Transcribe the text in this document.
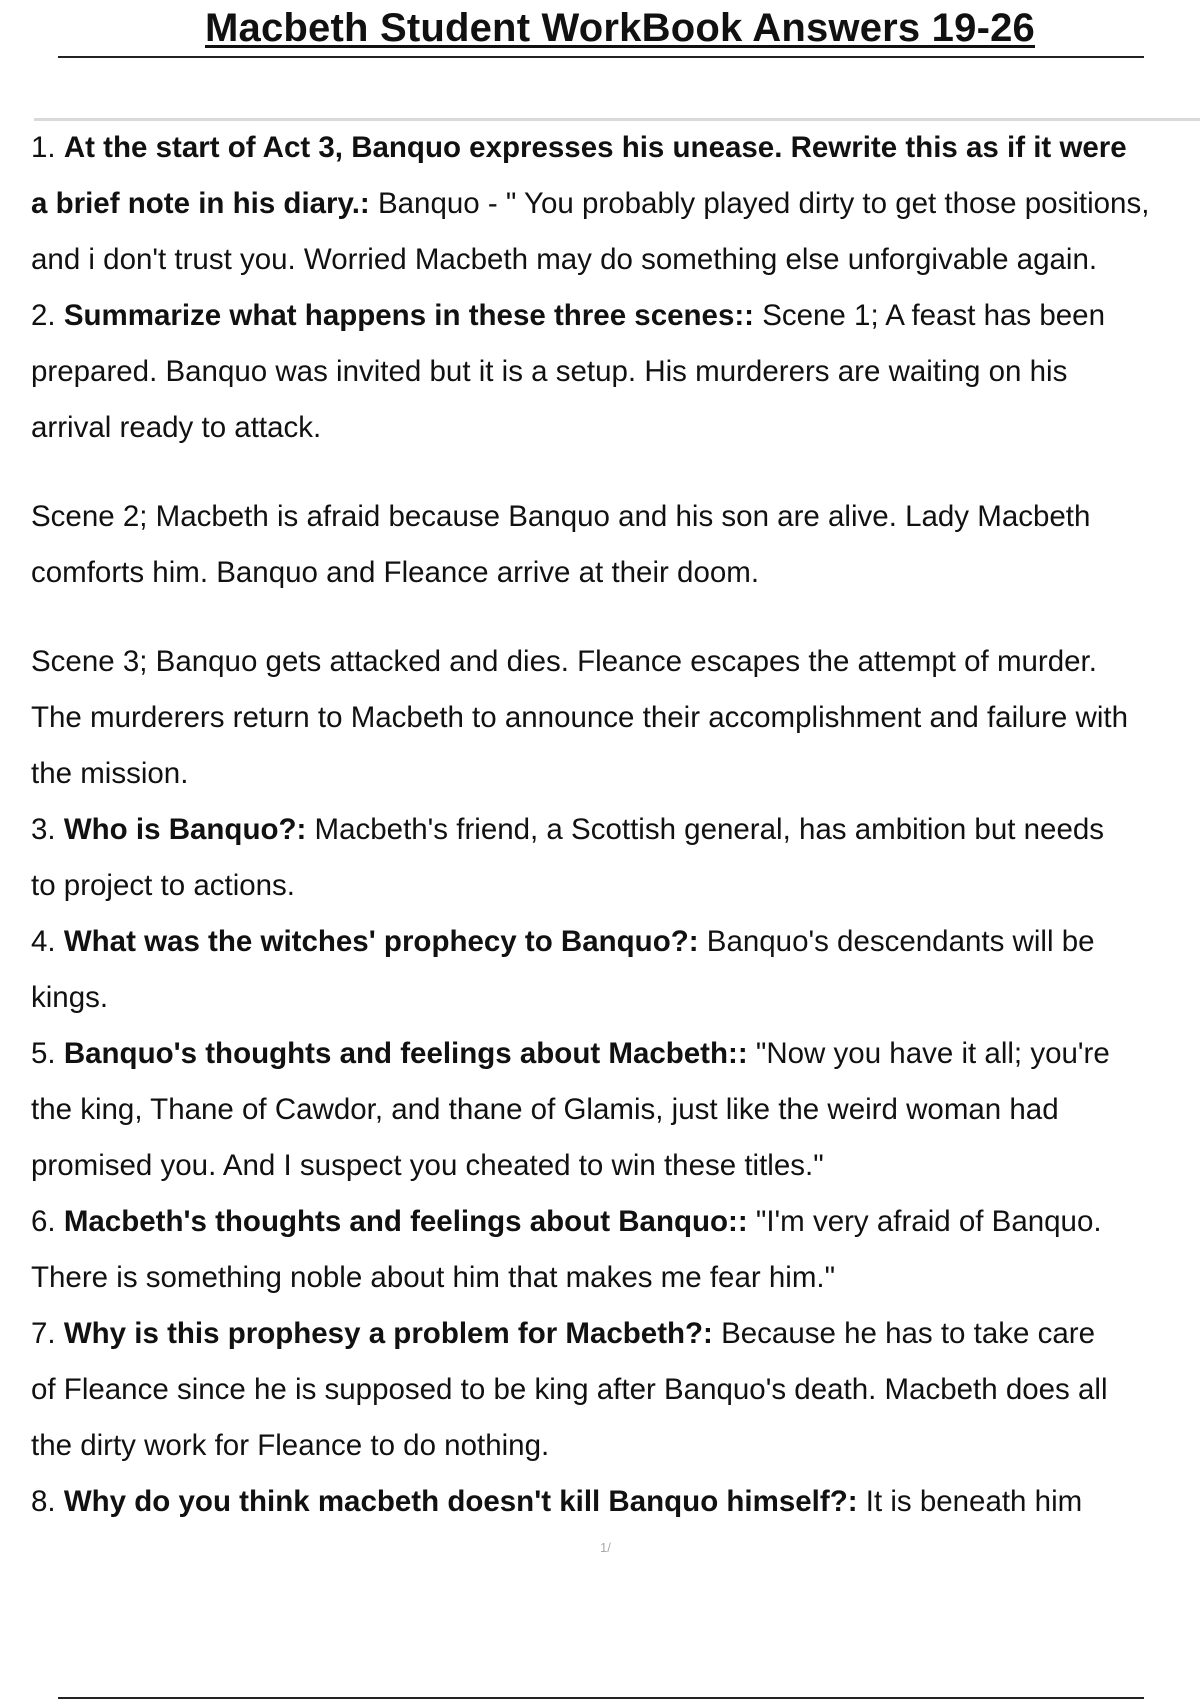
Macbeth Student WorkBook Answers 19-26
1. At the start of Act 3, Banquo expresses his unease. Rewrite this as if it were
a brief note in his diary.: Banquo - " You probably played dirty to get those positions,
and i don't trust you. Worried Macbeth may do something else unforgivable again.
2. Summarize what happens in these three scenes:: Scene 1; A feast has been
prepared. Banquo was invited but it is a setup. His murderers are waiting on his
arrival ready to attack.
Scene 2; Macbeth is afraid because Banquo and his son are alive. Lady Macbeth
comforts him. Banquo and Fleance arrive at their doom.
Scene 3; Banquo gets attacked and dies. Fleance escapes the attempt of murder.
The murderers return to Macbeth to announce their accomplishment and failure with
the mission.
3. Who is Banquo?: Macbeth's friend, a Scottish general, has ambition but needs
to project to actions.
4. What was the witches' prophecy to Banquo?: Banquo's descendants will be
kings.
5. Banquo's thoughts and feelings about Macbeth:: "Now you have it all; you're
the king, Thane of Cawdor, and thane of Glamis, just like the weird woman had
promised you. And I suspect you cheated to win these titles."
6. Macbeth's thoughts and feelings about Banquo:: "I'm very afraid of Banquo.
There is something noble about him that makes me fear him."
7. Why is this prophesy a problem for Macbeth?: Because he has to take care
of Fleance since he is supposed to be king after Banquo's death. Macbeth does all
the dirty work for Fleance to do nothing.
8. Why do you think macbeth doesn't kill Banquo himself?: It is beneath him
1/
